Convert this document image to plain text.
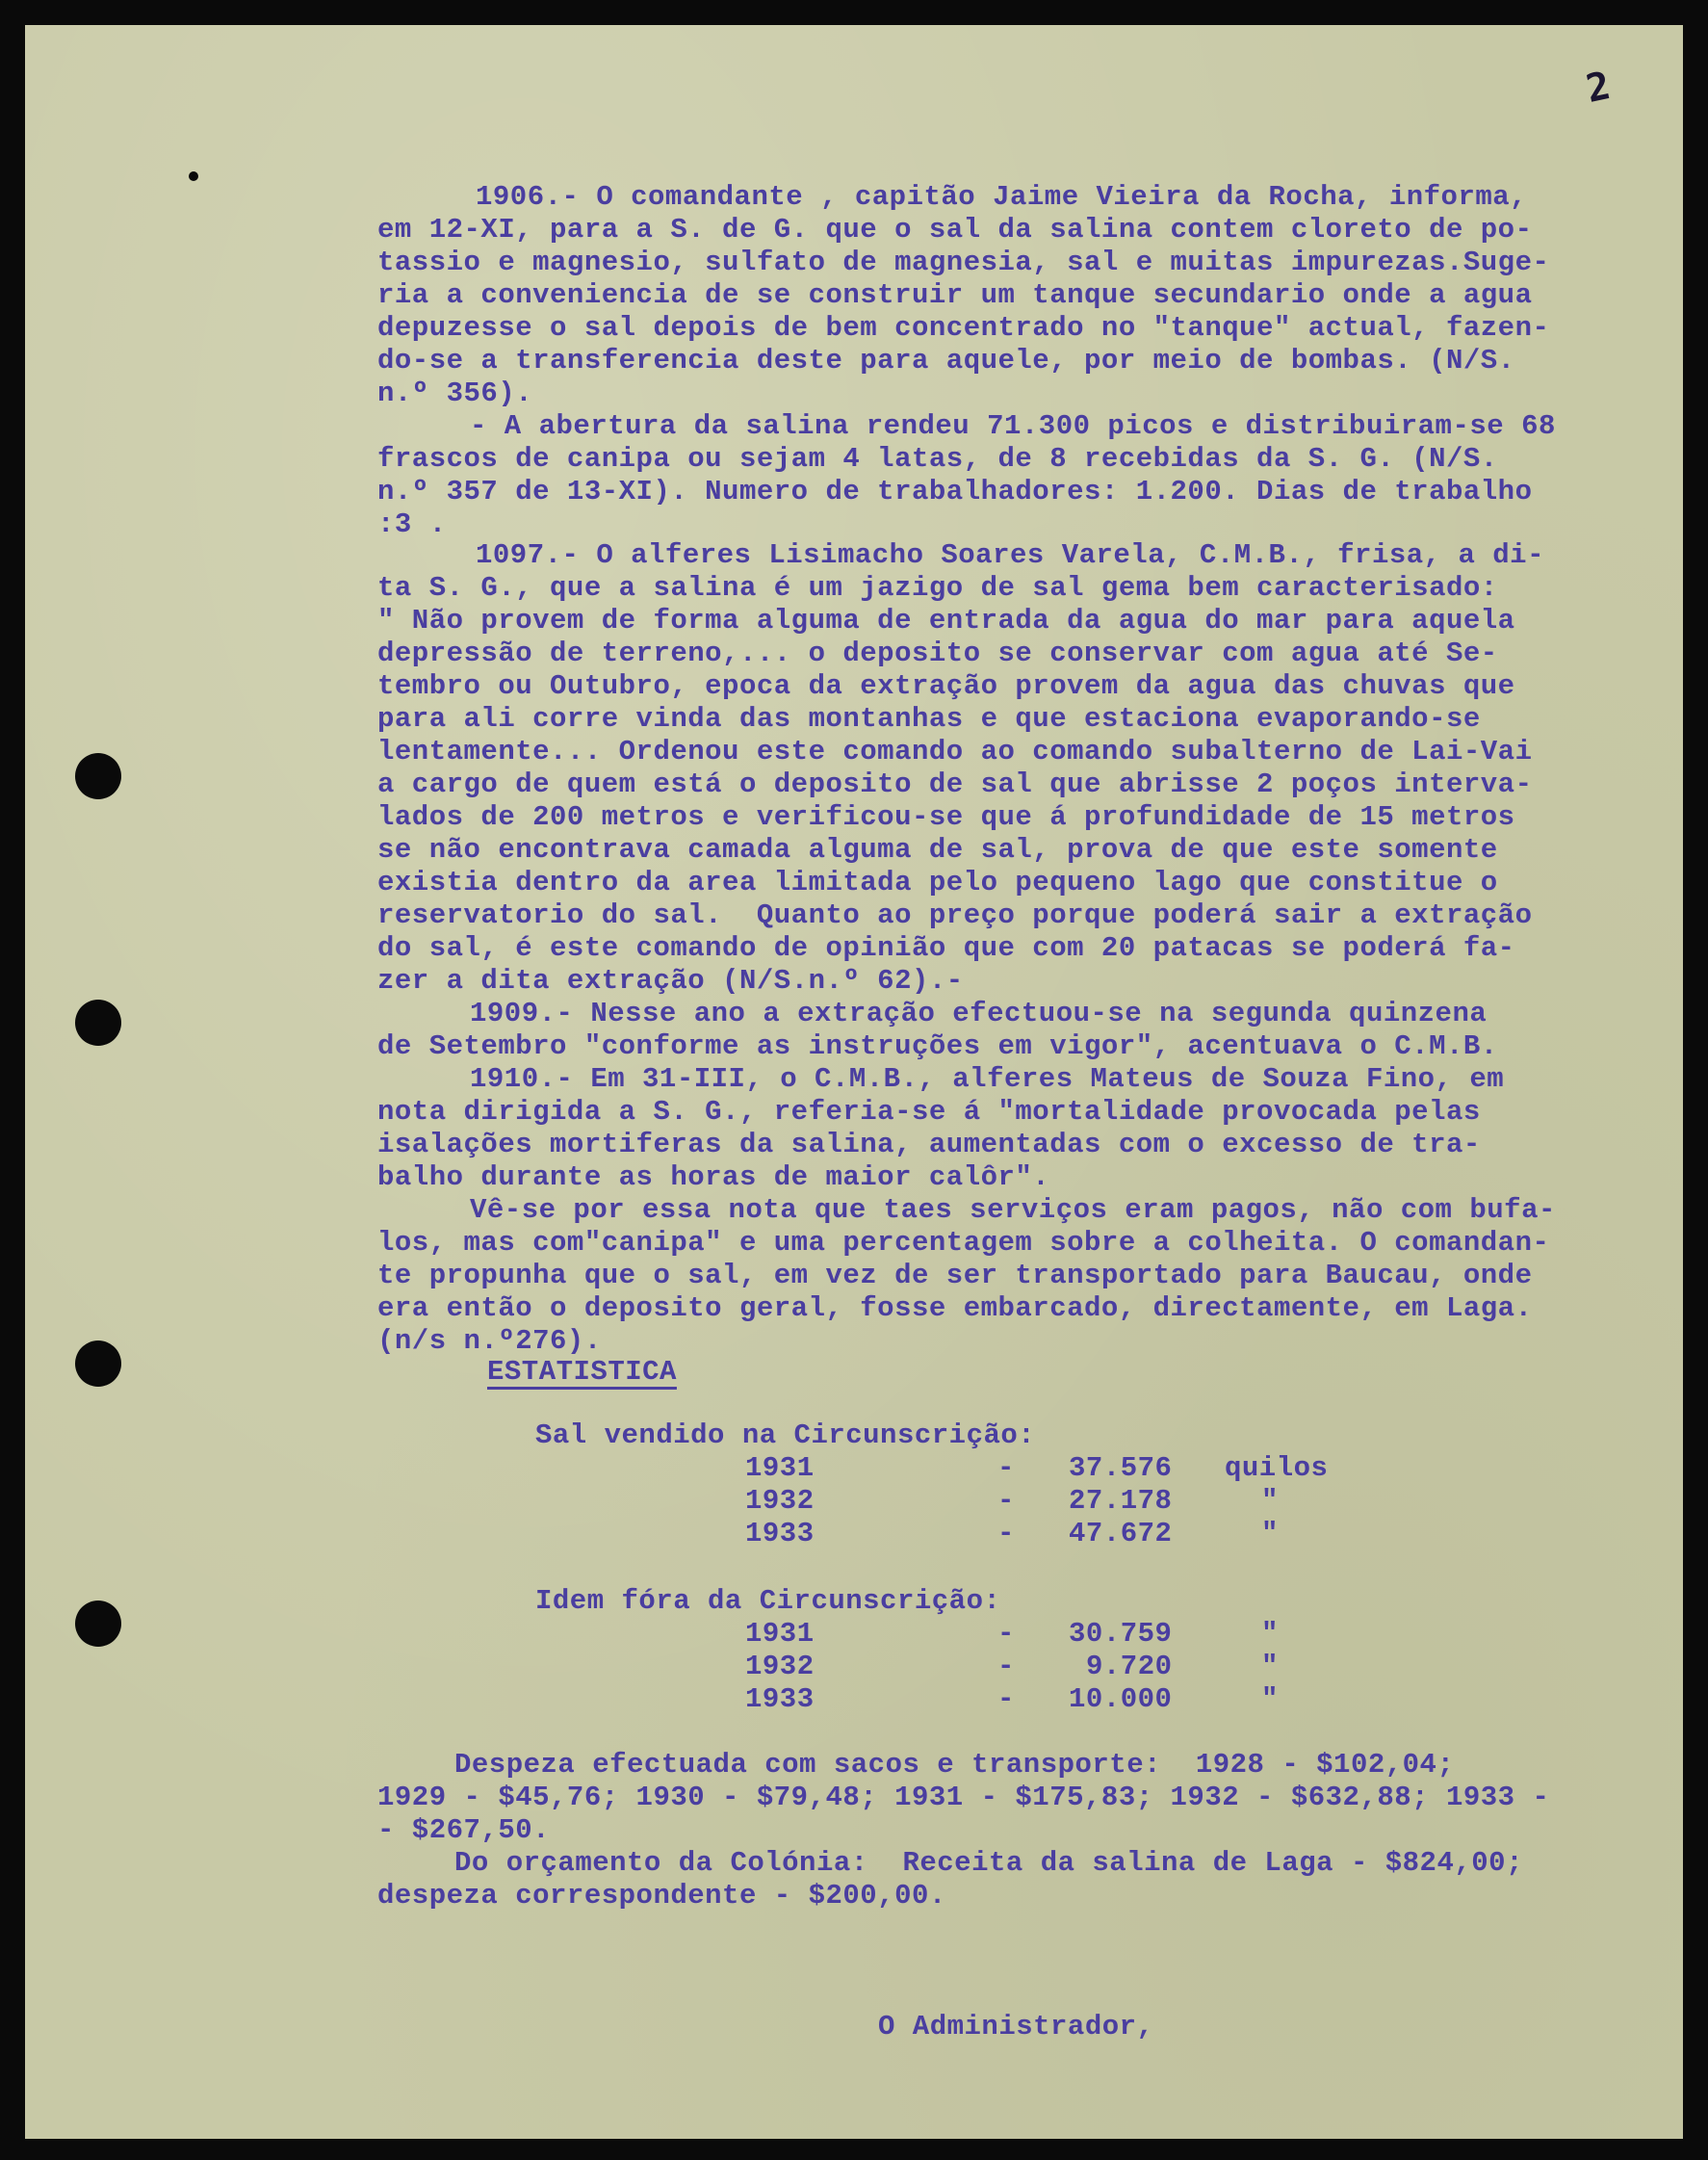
2
1906.- O comandante , capitão Jaime Vieira da Rocha, informa,
em 12-XI, para a S. de G. que o sal da salina contem cloreto de po-
tassio e magnesio, sulfato de magnesia, sal e muitas impurezas.Suge-
ria a conveniencia de se construir um tanque secundario onde a agua
depuzesse o sal depois de bem concentrado no "tanque" actual, fazen-
do-se a transferencia deste para aquele, por meio de bombas. (N/S.
n.º 356).
- A abertura da salina rendeu 71.300 picos e distribuiram-se 68
frascos de canipa ou sejam 4 latas, de 8 recebidas da S. G. (N/S.
n.º 357 de 13-XI). Numero de trabalhadores: 1.200. Dias de trabalho
:3 .
1097.- O alferes Lisimacho Soares Varela, C.M.B., frisa, a di-
ta S. G., que a salina é um jazigo de sal gema bem caracterisado:
" Não provem de forma alguma de entrada da agua do mar para aquela
depressão de terreno,... o deposito se conservar com agua até Se-
tembro ou Outubro, epoca da extração provem da agua das chuvas que
para ali corre vinda das montanhas e que estaciona evaporando-se
lentamente... Ordenou este comando ao comando subalterno de Lai-Vai
a cargo de quem está o deposito de sal que abrisse 2 poços interva-
lados de 200 metros e verificou-se que á profundidade de 15 metros
se não encontrava camada alguma de sal, prova de que este somente
existia dentro da area limitada pelo pequeno lago que constitue o
reservatorio do sal.  Quanto ao preço porque poderá sair a extração
do sal, é este comando de opinião que com 20 patacas se poderá fa-
zer a dita extração (N/S.n.º 62).-
1909.- Nesse ano a extração efectuou-se na segunda quinzena
de Setembro "conforme as instruções em vigor", acentuava o C.M.B.
1910.- Em 31-III, o C.M.B., alferes Mateus de Souza Fino, em
nota dirigida a S. G., referia-se á "mortalidade provocada pelas
isalações mortiferas da salina, aumentadas com o excesso de tra-
balho durante as horas de maior calôr".
Vê-se por essa nota que taes serviços eram pagos, não com bufa-
los, mas com"canipa" e uma percentagem sobre a colheita. O comandan-
te propunha que o sal, em vez de ser transportado para Baucau, onde
era então o deposito geral, fosse embarcado, directamente, em Laga.
(n/s n.º276).
ESTATISTICA
Sal vendido na Circunscrição:
1931	- 37.576 quilos
1932	- 27.178	"
1933	- 47.672	"
Idem fóra da Circunscrição:
1931	- 30.759	"
1932	-	9.720	"
1933	- 10.000	"
Despeza efectuada com sacos e transporte:  1928 - $102,04;
1929 - $45,76; 1930 - $79,48; 1931 - $175,83; 1932 - $632,88; 1933 -
- $267,50.
Do orçamento da Colónia:  Receita da salina de Laga - $824,00;
despeza correspondente - $200,00.
O Administrador,
